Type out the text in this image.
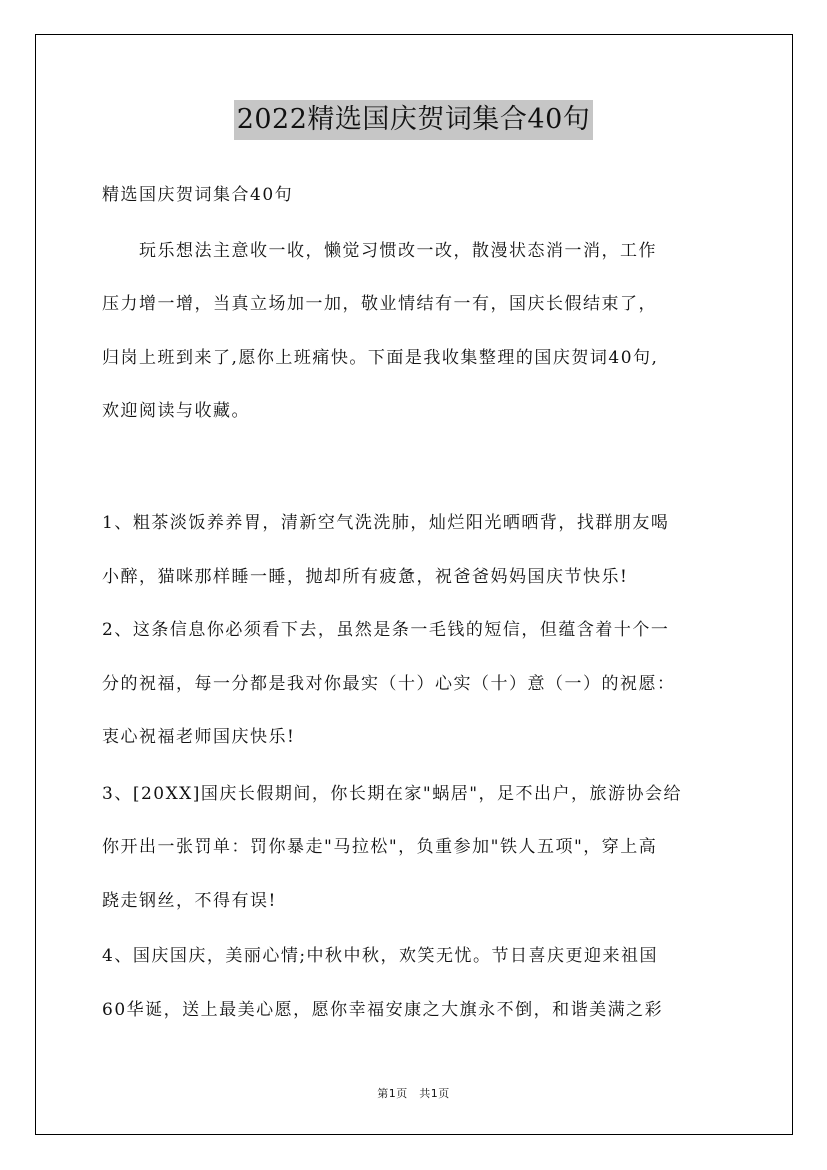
2022精选国庆贺词集合40句
精选国庆贺词集合40句
　　玩乐想法主意收一收，懒觉习惯改一改，散漫状态消一消，工作
压力增一增，当真立场加一加，敬业情结有一有，国庆长假结束了，
归岗上班到来了,愿你上班痛快。下面是我收集整理的国庆贺词40句,
欢迎阅读与收藏。
1、粗茶淡饭养养胃，清新空气洗洗肺，灿烂阳光晒晒背，找群朋友喝
小醉，猫咪那样睡一睡，抛却所有疲惫，祝爸爸妈妈国庆节快乐!
2、这条信息你必须看下去，虽然是条一毛钱的短信，但蕴含着十个一
分的祝福，每一分都是我对你最实（十）心实（十）意（一）的祝愿：
衷心祝福老师国庆快乐!
3、[20XX]国庆长假期间，你长期在家"蜗居"，足不出户，旅游协会给
你开出一张罚单：罚你暴走"马拉松"，负重参加"铁人五项"，穿上高
跷走钢丝，不得有误!
4、国庆国庆，美丽心情;中秋中秋，欢笑无忧。节日喜庆更迎来祖国
60华诞，送上最美心愿，愿你幸福安康之大旗永不倒，和谐美满之彩
第1页　共1页
